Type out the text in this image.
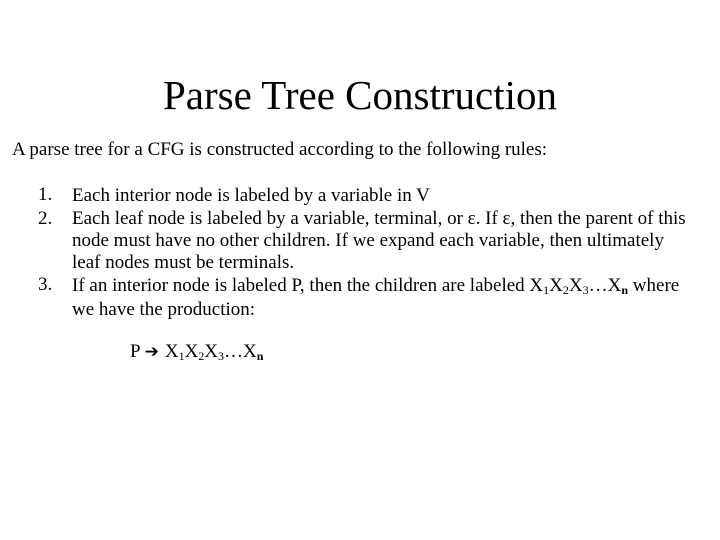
Parse Tree Construction
A parse tree for a CFG is constructed according to the following rules:
1.	Each interior node is labeled by a variable in V
2.	Each leaf node is labeled by a variable, terminal, or ε. If ε, then the parent of this
node must have no other children. If we expand each variable, then ultimately
leaf nodes must be terminals.
3.	If an interior node is labeled P, then the children are labeled $X_1X_2X_3\dots X_n$ where
we have the production:
P ➔ $X_1X_2X_3\dots X_n$
